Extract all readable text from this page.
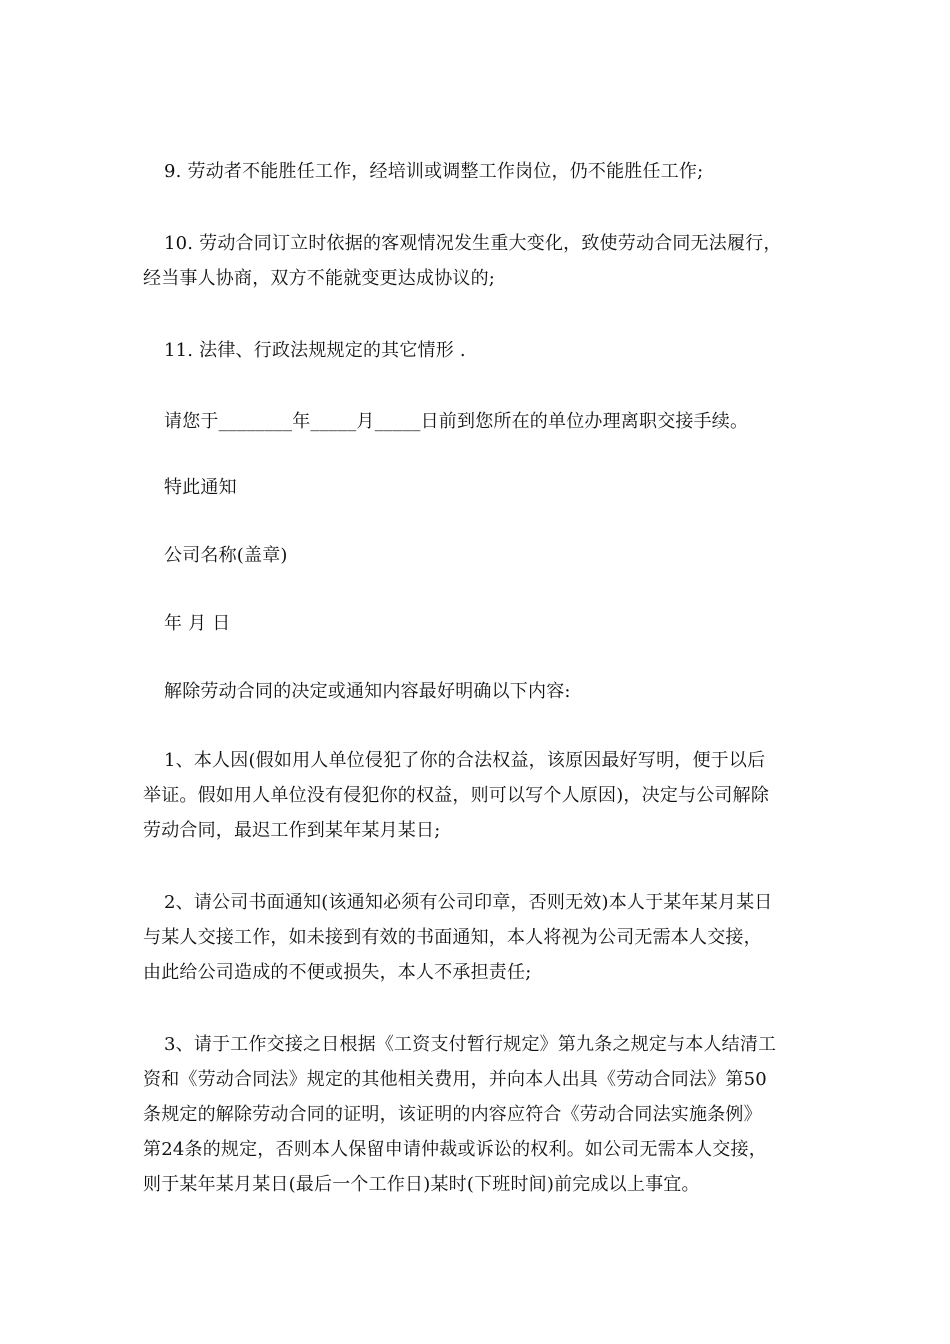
9. 劳动者不能胜任工作，经培训或调整工作岗位，仍不能胜任工作;

10. 劳动合同订立时依据的客观情况发生重大变化，致使劳动合同无法履行，
经当事人协商，双方不能就变更达成协议的;

11. 法律、行政法规规定的其它情形 .

请您于________年_____月_____日前到您所在的单位办理离职交接手续。

特此通知

公司名称(盖章)

年 月 日

解除劳动合同的决定或通知内容最好明确以下内容:

1、本人因(假如用人单位侵犯了你的合法权益，该原因最好写明，便于以后
举证。假如用人单位没有侵犯你的权益，则可以写个人原因)，决定与公司解除
劳动合同，最迟工作到某年某月某日;

2、请公司书面通知(该通知必须有公司印章，否则无效)本人于某年某月某日
与某人交接工作，如未接到有效的书面通知，本人将视为公司无需本人交接，
由此给公司造成的不便或损失，本人不承担责任;

3、请于工作交接之日根据《工资支付暂行规定》第九条之规定与本人结清工
资和《劳动合同法》规定的其他相关费用，并向本人出具《劳动合同法》第50
条规定的解除劳动合同的证明，该证明的内容应符合《劳动合同法实施条例》
第24条的规定，否则本人保留申请仲裁或诉讼的权利。如公司无需本人交接，
则于某年某月某日(最后一个工作日)某时(下班时间)前完成以上事宜。
